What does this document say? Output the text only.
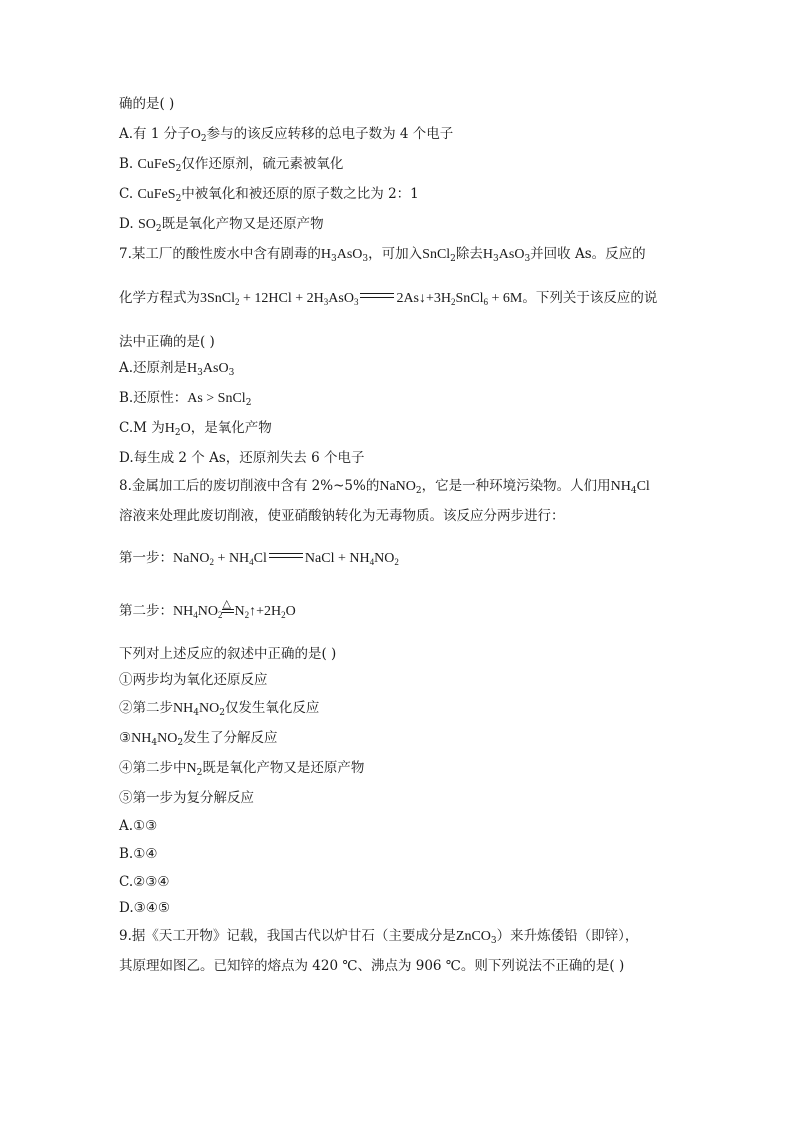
确的是( )
A.有 1 分子$O_2$参与的该反应转移的总电子数为 4 个电子
B. CuFeS$_2$仅作还原剂，硫元素被氧化
C. CuFeS$_2$中被氧化和被还原的原子数之比为 2：1
D. $SO_2$既是氧化产物又是还原产物
7.某工厂的酸性废水中含有剧毒的$H_3AsO_3$，可加入SnCl$_2$除去$H_3AsO_3$并回收 As。反应的
化学方程式为3SnCl$_2$ + $12HCl + 2H_3AsO_3$	$2As↓+3H_2SnCl_6 + 6M$。下列关于该反应的说
法中正确的是( )
A.还原剂是$H_3AsO_3$
B.还原性：As > SnCl$_2$
C.M 为$H_2O$，是氧化产物
D.每生成 2 个 As，还原剂失去 6 个电子
8.金属加工后的废切削液中含有 2%~5%的NaNO$_2$，它是一种环境污染物。人们用$NH_4Cl$
溶液来处理此废切削液，使亚硝酸钠转化为无毒物质。该反应分两步进行：
第一步：NaNO$_2$ + $NH_4Cl$	NaCl + $NH_4NO_2$
第二步：$NH_4NO_2$
△ $N_2↑+2H_2O$
下列对上述反应的叙述中正确的是( )
①两步均为氧化还原反应
②第二步$NH_4NO_2$仅发生氧化反应
$③NH_4NO_2$发生了分解反应
④第二步中$N_2$既是氧化产物又是还原产物
⑤第一步为复分解反应
A.①③
B.①④
C.②③④
D.③④⑤
9.据《天工开物》记载，我国古代以炉甘石（主要成分是ZnCO$_3$）来升炼倭铅（即锌），
其原理如图乙。已知锌的熔点为 420 ℃、沸点为 906 ℃。则下列说法不正确的是( )
